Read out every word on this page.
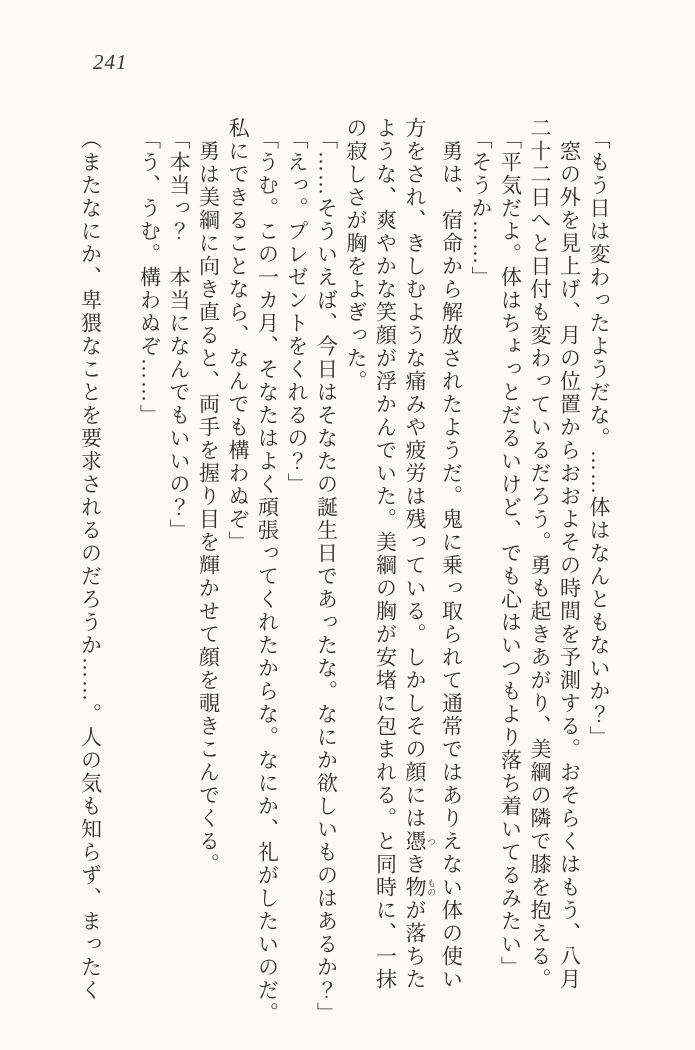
241
「もう日は変わったようだな。……体はなんともないか？」
窓の外を見上げ、月の位置からおおよその時間を予測する。おそらくはもう、八月
二十二日へと日付も変わっているだろう。勇も起きあがり、美綱の隣で膝を抱える。
「平気だよ。体はちょっとだるいけど、でも心はいつもより落ち着いてるみたい」
「そうか……」
勇は、宿命から解放されたようだ。鬼に乗っ取られて通常ではありえない体の使い
方をされ、きしむような痛みや疲労は残っている。しかしその顔には憑 つき物 ものが落ちた
ような、爽やかな笑顔が浮かんでいた。美綱の胸が安堵に包まれる。と同時に、一抹
の寂しさが胸をよぎった。
「……そういえば、今日はそなたの誕生日であったな。なにか欲しいものはあるか？」
「えっ。プレゼントをくれるの？」
「うむ。この一カ月、そなたはよく頑張ってくれたからな。なにか、礼がしたいのだ。
私にできることなら、なんでも構わぬぞ」
勇は美綱に向き直ると、両手を握り目を輝かせて顔を覗きこんでくる。
「本当っ？　本当になんでもいいの？」
「う、うむ。構わぬぞ……」
（またなにか、卑猥なことを要求されるのだろうか……。人の気も知らず、まったく
